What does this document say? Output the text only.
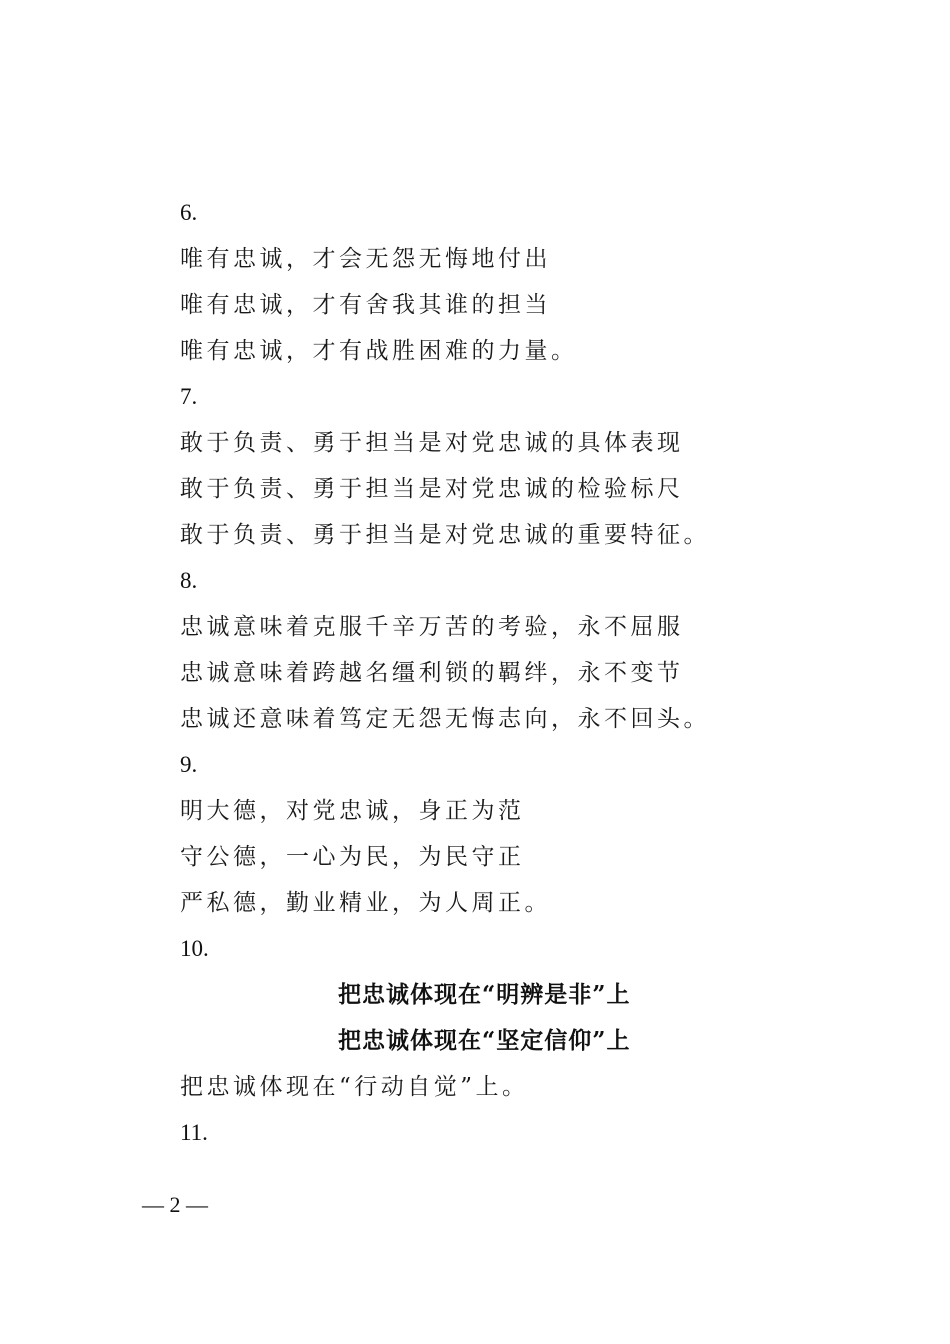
6.
唯有忠诚，才会无怨无悔地付出
唯有忠诚，才有舍我其谁的担当
唯有忠诚，才有战胜困难的力量。
7.
敢于负责、勇于担当是对党忠诚的具体表现
敢于负责、勇于担当是对党忠诚的检验标尺
敢于负责、勇于担当是对党忠诚的重要特征。
8.
忠诚意味着克服千辛万苦的考验，永不屈服
忠诚意味着跨越名缰利锁的羁绊，永不变节
忠诚还意味着笃定无怨无悔志向，永不回头。
9.
明大德，对党忠诚，身正为范
守公德，一心为民，为民守正
严私德，勤业精业，为人周正。
10.
把忠诚体现在“明辨是非”上
把忠诚体现在“坚定信仰”上
把忠诚体现在“行动自觉”上。
11.
— 2 —
